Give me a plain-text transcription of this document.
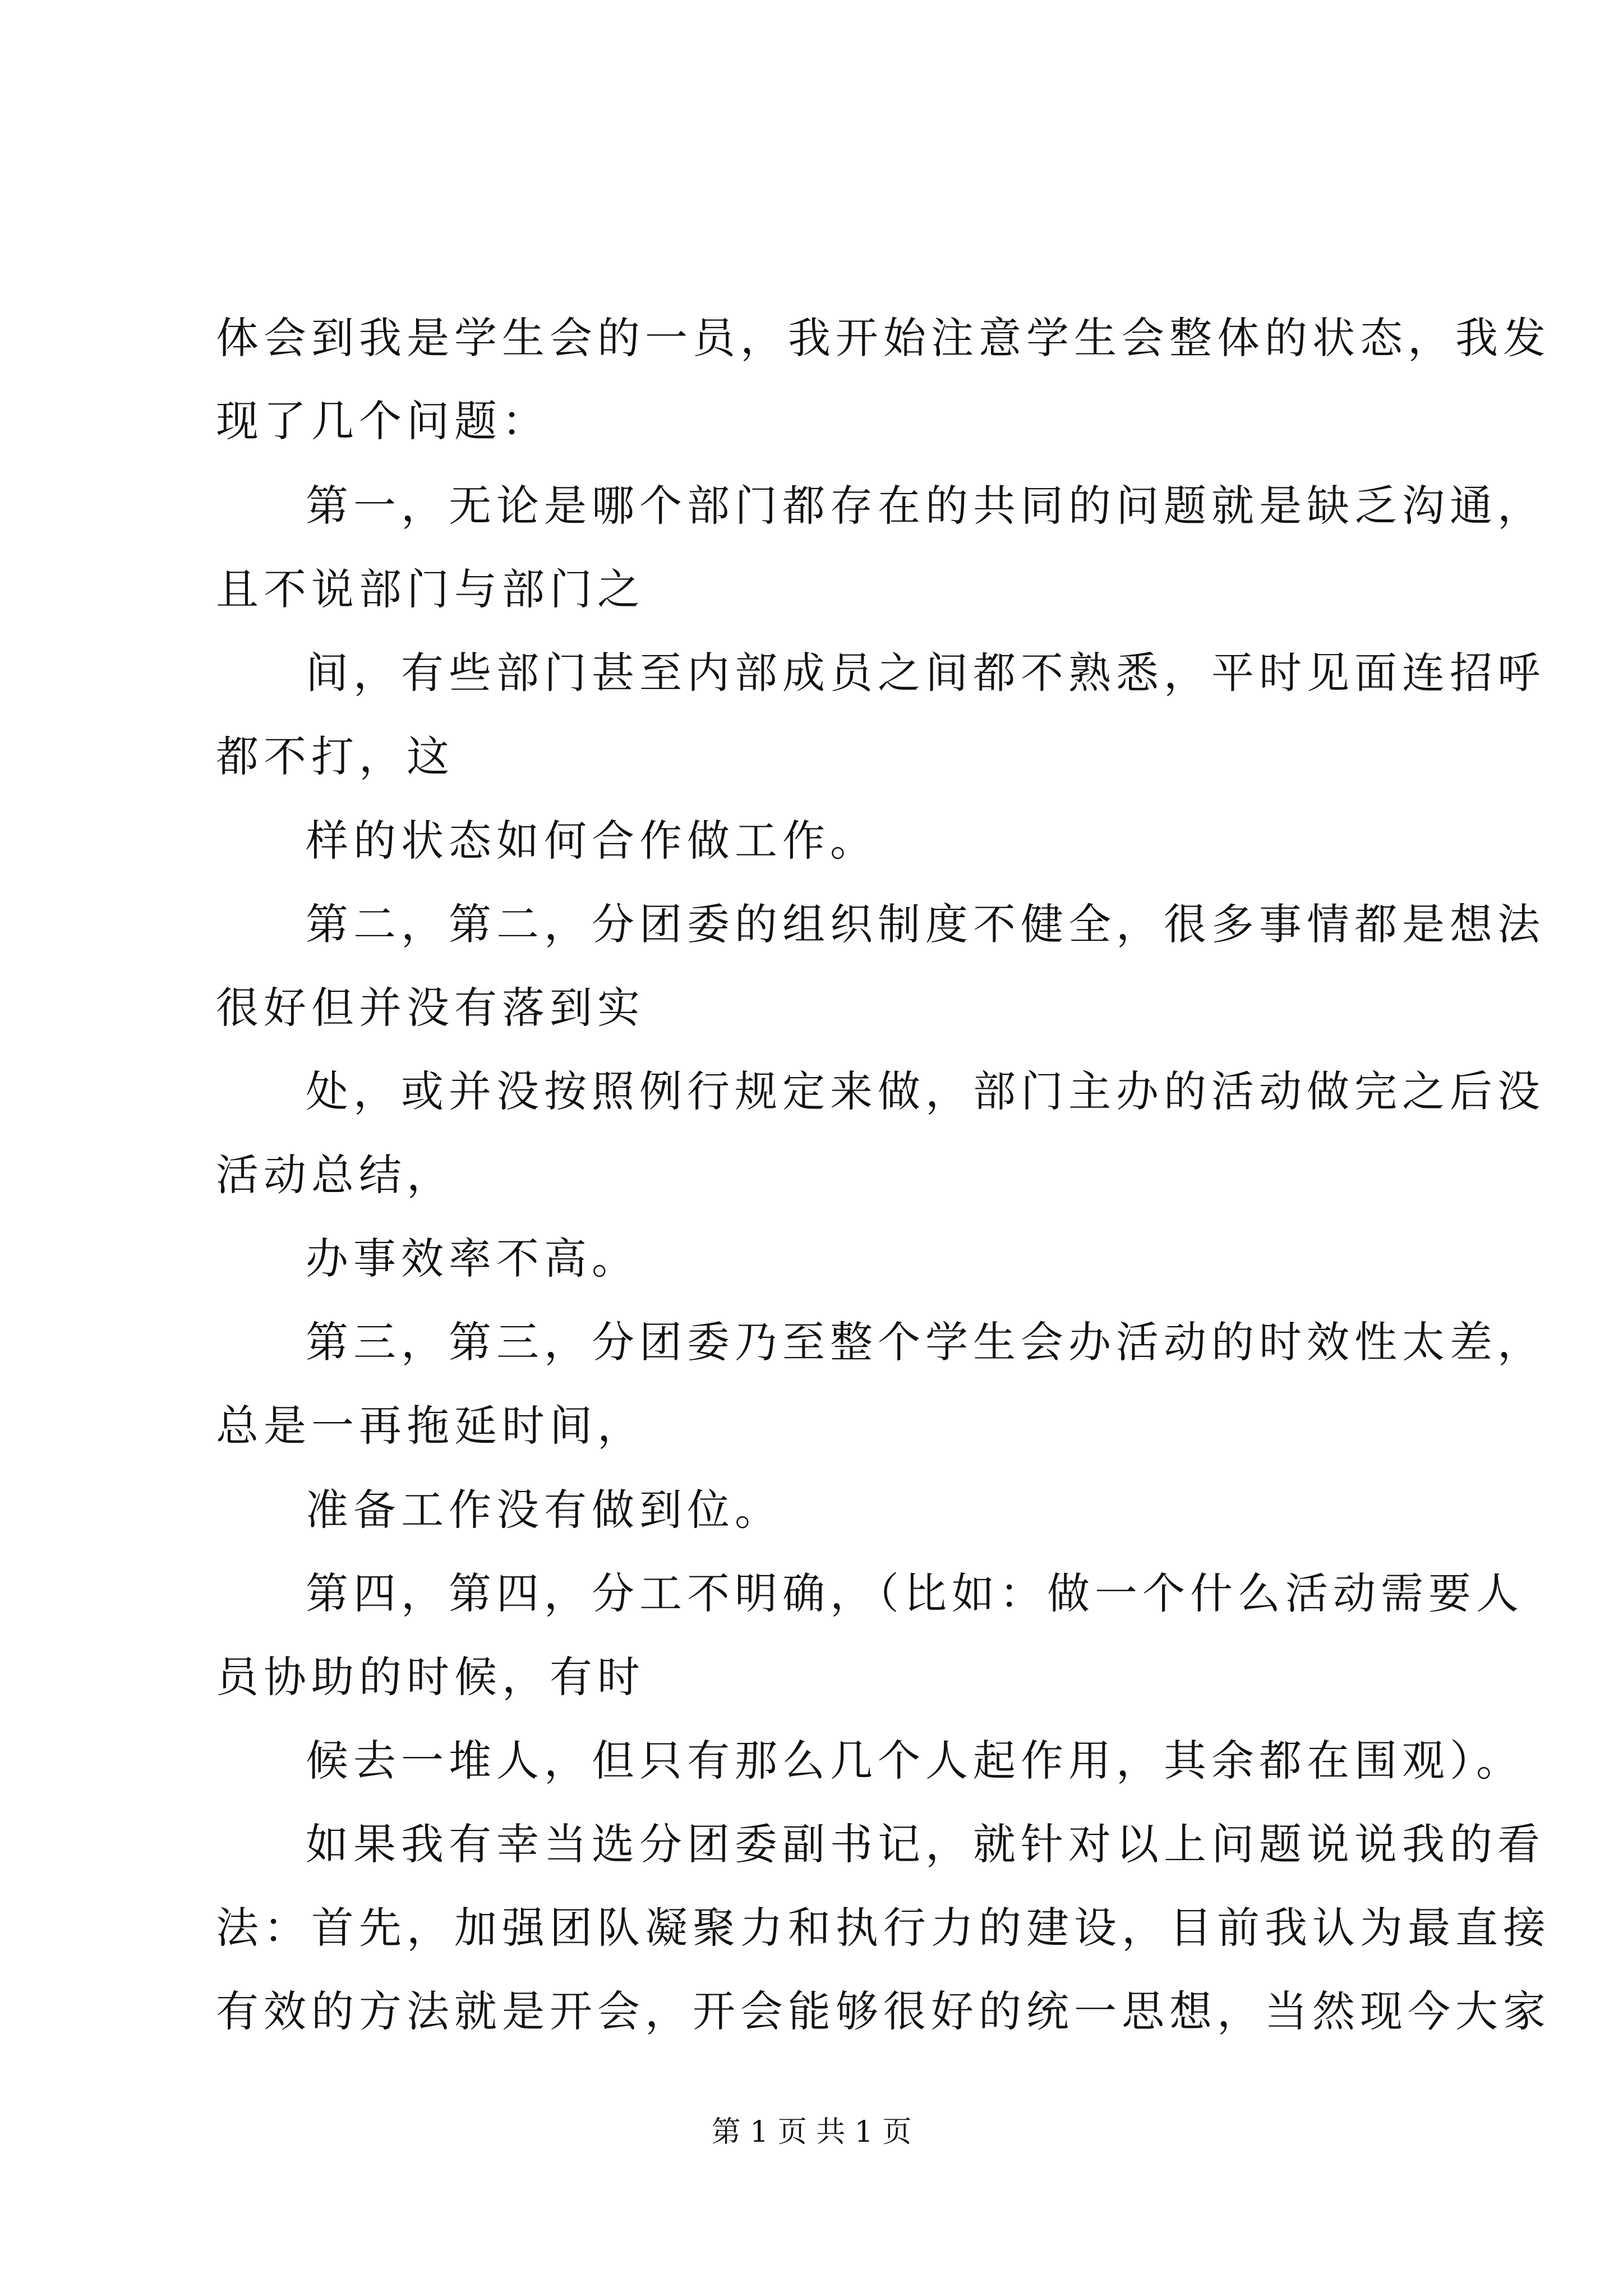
体会到我是学生会的一员，我开始注意学生会整体的状态，我发
现了几个问题：
第一，无论是哪个部门都存在的共同的问题就是缺乏沟通，
且不说部门与部门之
间，有些部门甚至内部成员之间都不熟悉，平时见面连招呼
都不打，这
样的状态如何合作做工作。
第二，第二，分团委的组织制度不健全，很多事情都是想法
很好但并没有落到实
处，或并没按照例行规定来做，部门主办的活动做完之后没
活动总结，
办事效率不高。
第三，第三，分团委乃至整个学生会办活动的时效性太差，
总是一再拖延时间，
准备工作没有做到位。
第四，第四，分工不明确，（比如：做一个什么活动需要人
员协助的时候，有时
候去一堆人，但只有那么几个人起作用，其余都在围观）。
如果我有幸当选分团委副书记，就针对以上问题说说我的看
法：首先，加强团队凝聚力和执行力的建设，目前我认为最直接
有效的方法就是开会，开会能够很好的统一思想，当然现今大家
第 1 页 共 1 页
